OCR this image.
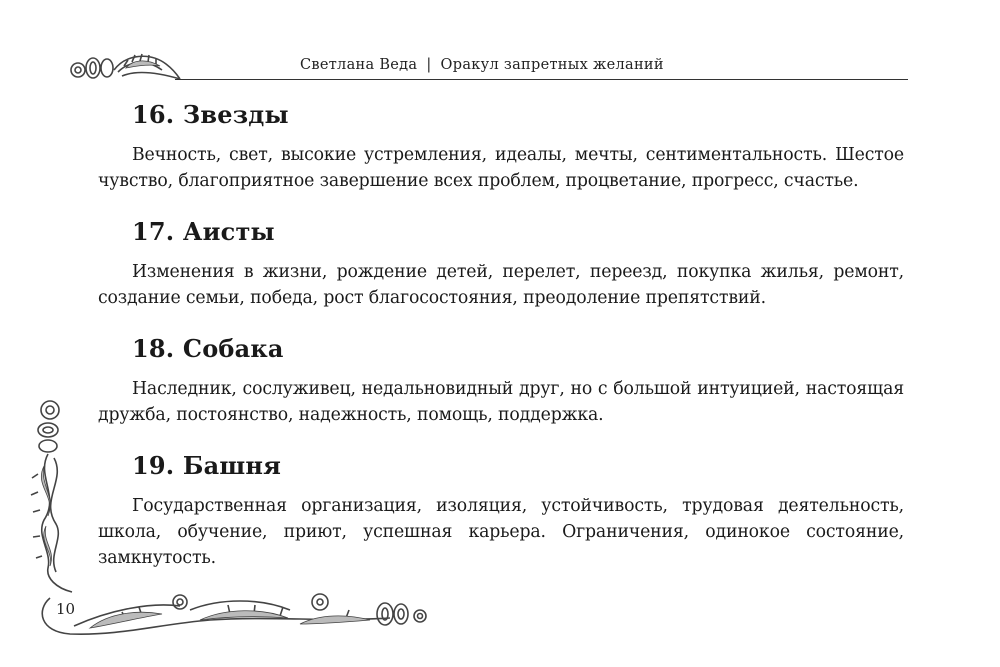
Светлана Веда | Оракул запретных желаний
16. Звезды

Вечность, свет, высокие устремления, идеалы, мечты, сентиментальность. Шестое чувство, благоприятное завершение всех проблем, процветание, прогресс, счастье.

17. Аисты

Изменения в жизни, рождение детей, перелет, переезд, покупка жилья, ремонт, создание семьи, победа, рост благосостояния, преодоление препятствий.

18. Собака

Наследник, сослуживец, недальновидный друг, но с большой интуицией, настоящая дружба, постоянство, надежность, помощь, поддержка.

19. Башня

Государственная организация, изоляция, устойчивость, трудовая деятельность, школа, обучение, приют, успешная карьера. Ограничения, одинокое состояние, замкнутость.

10
